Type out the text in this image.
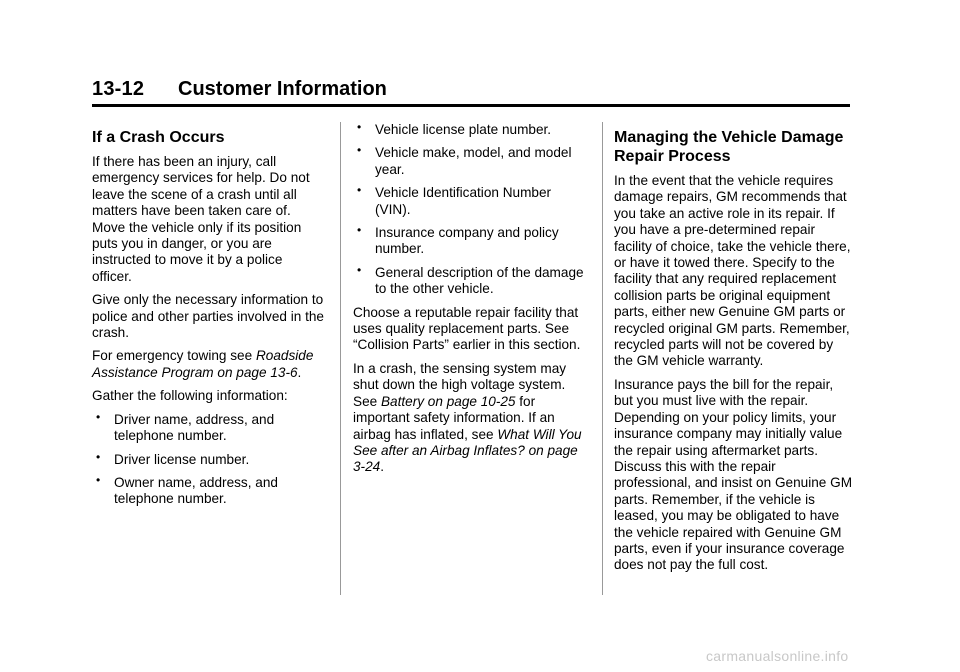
13-12 Customer Information
If a Crash Occurs

If there has been an injury, call emergency services for help. Do not leave the scene of a crash until all matters have been taken care of. Move the vehicle only if its position puts you in danger, or you are instructed to move it by a police officer.

Give only the necessary information to police and other parties involved in the crash.

For emergency towing see Roadside Assistance Program on page 13-6.

Gather the following information:

• Driver name, address, and telephone number.
• Driver license number.
• Owner name, address, and telephone number.
• Vehicle license plate number.
• Vehicle make, model, and model year.
• Vehicle Identification Number (VIN).
• Insurance company and policy number.
• General description of the damage to the other vehicle.

Choose a reputable repair facility that uses quality replacement parts. See “Collision Parts” earlier in this section.

In a crash, the sensing system may shut down the high voltage system. See Battery on page 10-25 for important safety information. If an airbag has inflated, see What Will You See after an Airbag Inflates? on page 3-24.

Managing the Vehicle Damage Repair Process

In the event that the vehicle requires damage repairs, GM recommends that you take an active role in its repair. If you have a pre-determined repair facility of choice, take the vehicle there, or have it towed there. Specify to the facility that any required replacement collision parts be original equipment parts, either new Genuine GM parts or recycled original GM parts. Remember, recycled parts will not be covered by the GM vehicle warranty.

Insurance pays the bill for the repair, but you must live with the repair. Depending on your policy limits, your insurance company may initially value the repair using aftermarket parts. Discuss this with the repair professional, and insist on Genuine GM parts. Remember, if the vehicle is leased, you may be obligated to have the vehicle repaired with Genuine GM parts, even if your insurance coverage does not pay the full cost.

carmanualsonline.info
